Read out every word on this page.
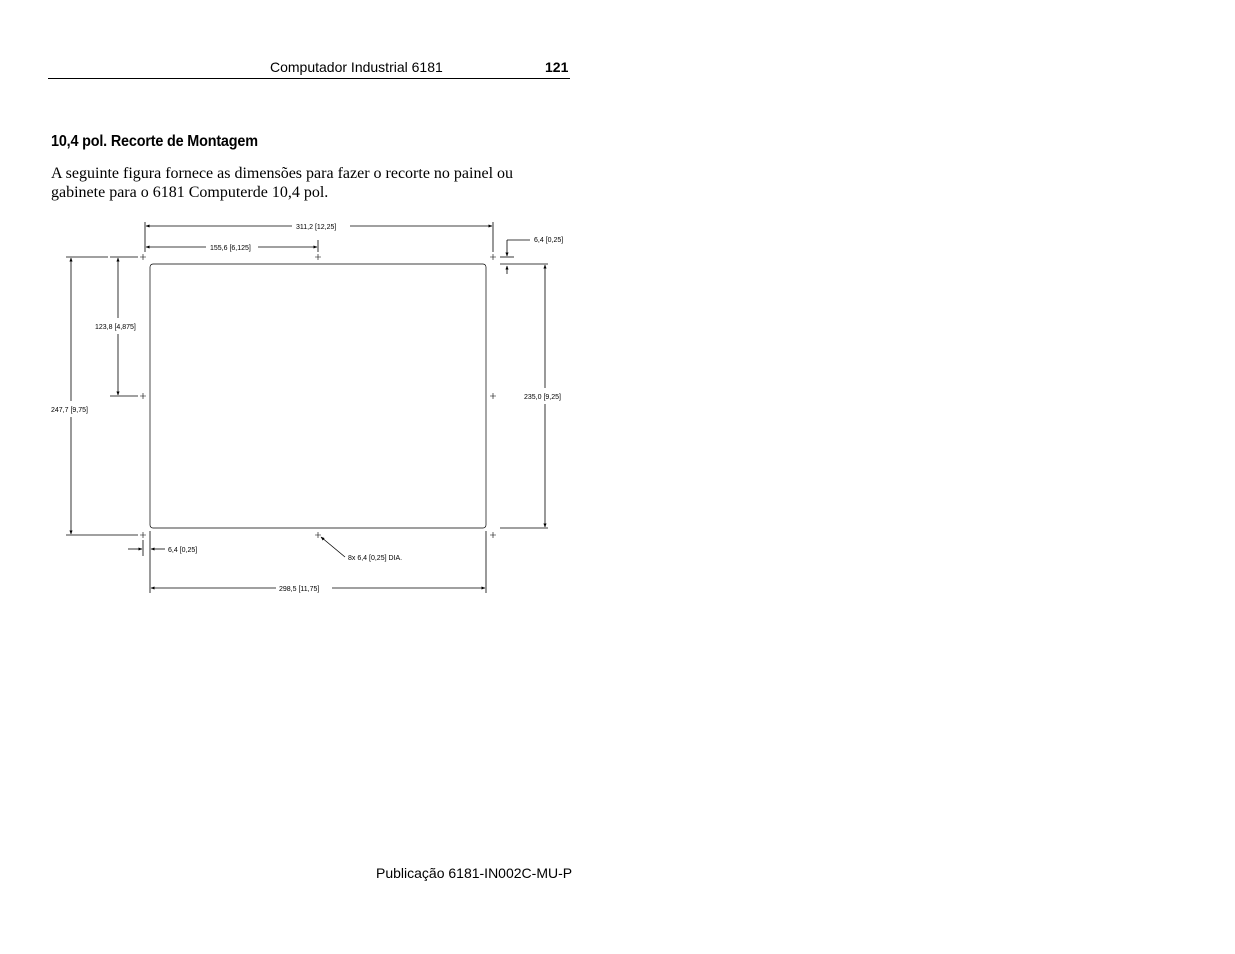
Computador Industrial 6181	121
10,4 pol. Recorte de Montagem
A seguinte figura fornece as dimensões para fazer o recorte no painel ou gabinete para o 6181 Computerde 10,4 pol.
311,2 [12,25]
155,6 [6,125]
6,4 [0,25]
123,8 [4,875]
247,7 [9,75]
235,0 [9,25]
6,4 [0,25]
8x 6,4 [0,25] DIA.
298,5 [11,75]
Publicação 6181-IN002C-MU-P
